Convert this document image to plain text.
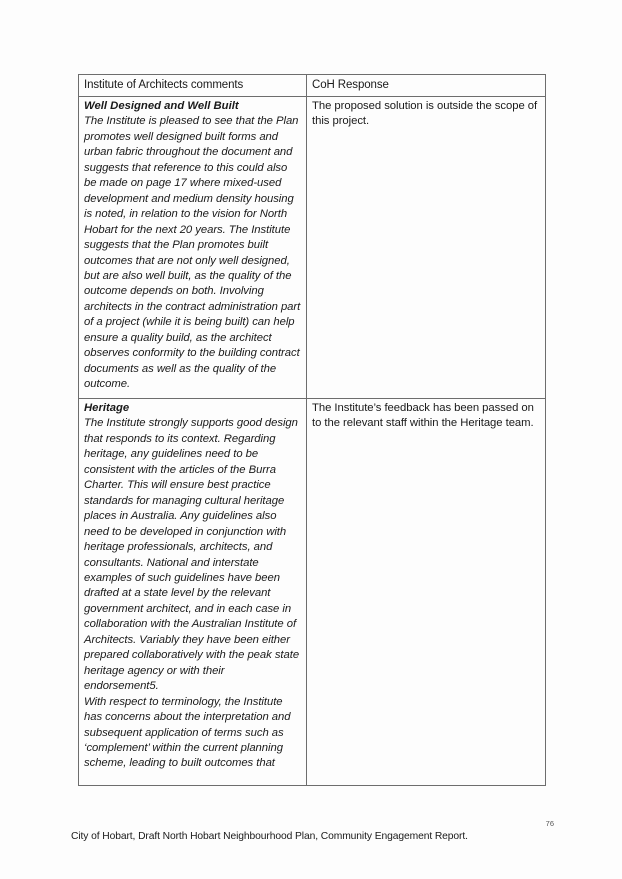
Institute of Architects comments	CoH Response

Well Designed and Well Built
The Institute is pleased to see that the Plan promotes well designed built forms and urban fabric throughout the document and suggests that reference to this could also be made on page 17 where mixed-used development and medium density housing is noted, in relation to the vision for North Hobart for the next 20 years. The Institute suggests that the Plan promotes built outcomes that are not only well designed, but are also well built, as the quality of the outcome depends on both. Involving architects in the contract administration part of a project (while it is being built) can help ensure a quality build, as the architect observes conformity to the building contract documents as well as the quality of the outcome.	The proposed solution is outside the scope of this project.

Heritage
The Institute strongly supports good design that responds to its context. Regarding heritage, any guidelines need to be consistent with the articles of the Burra Charter. This will ensure best practice standards for managing cultural heritage places in Australia. Any guidelines also need to be developed in conjunction with heritage professionals, architects, and consultants. National and interstate examples of such guidelines have been drafted at a state level by the relevant government architect, and in each case in collaboration with the Australian Institute of Architects. Variably they have been either prepared collaboratively with the peak state heritage agency or with their endorsement5.
With respect to terminology, the Institute has concerns about the interpretation and subsequent application of terms such as ‘complement’ within the current planning scheme, leading to built outcomes that	The Institute’s feedback has been passed on to the relevant staff within the Heritage team.
76
City of Hobart, Draft North Hobart Neighbourhood Plan, Community Engagement Report.
